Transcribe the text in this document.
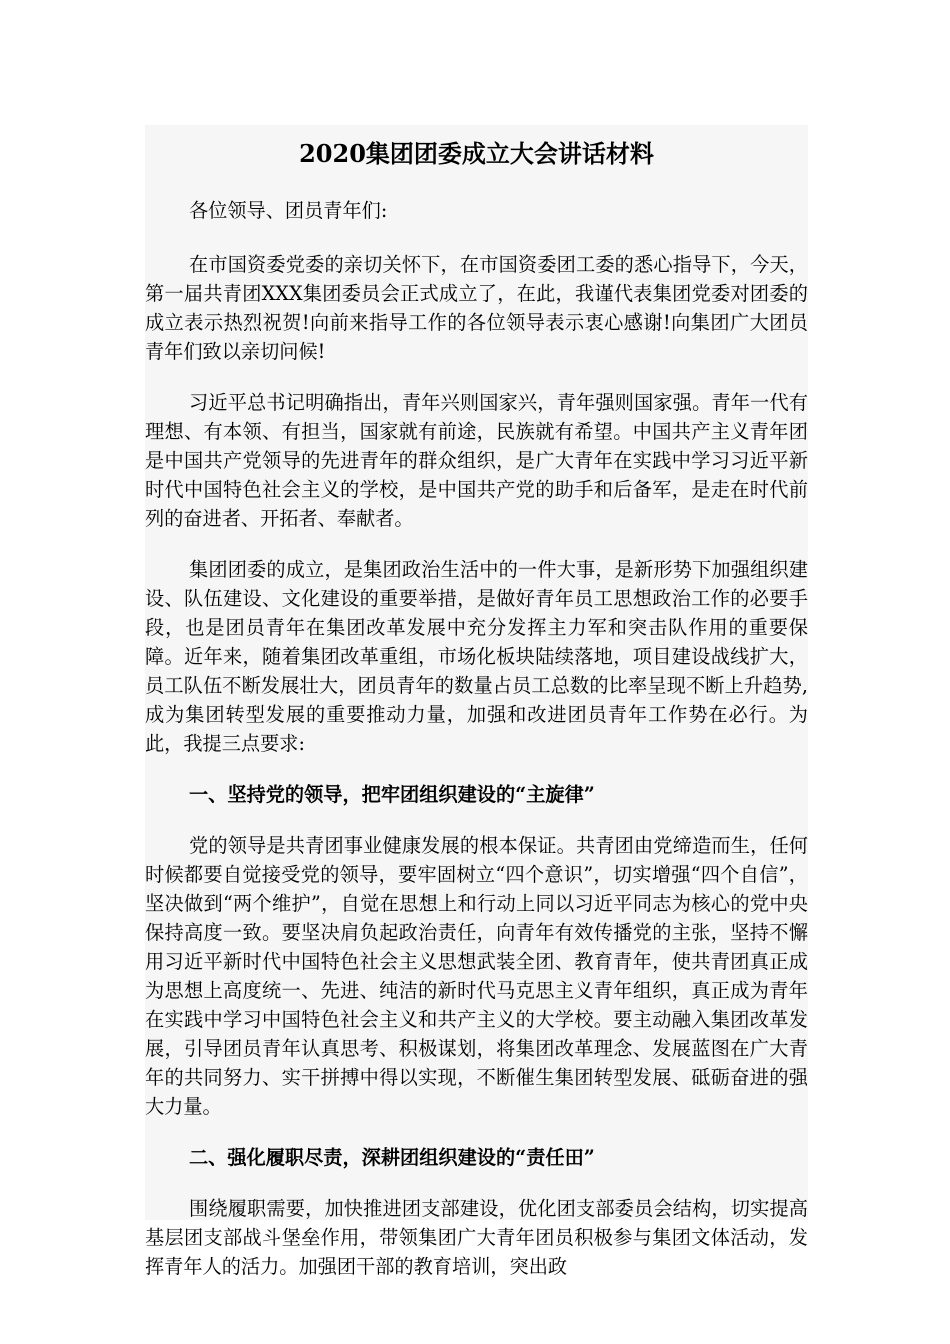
2020集团团委成立大会讲话材料

各位领导、团员青年们:

在市国资委党委的亲切关怀下，在市国资委团工委的悉心指导下，今天，第一届共青团XXX集团委员会正式成立了，在此，我谨代表集团党委对团委的成立表示热烈祝贺!向前来指导工作的各位领导表示衷心感谢!向集团广大团员青年们致以亲切问候!

习近平总书记明确指出，青年兴则国家兴，青年强则国家强。青年一代有理想、有本领、有担当，国家就有前途，民族就有希望。中国共产主义青年团是中国共产党领导的先进青年的群众组织，是广大青年在实践中学习习近平新时代中国特色社会主义的学校，是中国共产党的助手和后备军，是走在时代前列的奋进者、开拓者、奉献者。

集团团委的成立，是集团政治生活中的一件大事，是新形势下加强组织建设、队伍建设、文化建设的重要举措，是做好青年员工思想政治工作的必要手段，也是团员青年在集团改革发展中充分发挥主力军和突击队作用的重要保障。近年来，随着集团改革重组，市场化板块陆续落地，项目建设战线扩大，员工队伍不断发展壮大，团员青年的数量占员工总数的比率呈现不断上升趋势,成为集团转型发展的重要推动力量，加强和改进团员青年工作势在必行。为此，我提三点要求:

一、坚持党的领导，把牢团组织建设的“主旋律”

党的领导是共青团事业健康发展的根本保证。共青团由党缔造而生，任何时候都要自觉接受党的领导，要牢固树立“四个意识”，切实增强“四个自信”，坚决做到“两个维护”，自觉在思想上和行动上同以习近平同志为核心的党中央保持高度一致。要坚决肩负起政治责任，向青年有效传播党的主张，坚持不懈用习近平新时代中国特色社会主义思想武装全团、教育青年，使共青团真正成为思想上高度统一、先进、纯洁的新时代马克思主义青年组织，真正成为青年在实践中学习中国特色社会主义和共产主义的大学校。要主动融入集团改革发展，引导团员青年认真思考、积极谋划，将集团改革理念、发展蓝图在广大青年的共同努力、实干拼搏中得以实现，不断催生集团转型发展、砥砺奋进的强大力量。

二、强化履职尽责，深耕团组织建设的“责任田”

围绕履职需要，加快推进团支部建设，优化团支部委员会结构，切实提高基层团支部战斗堡垒作用，带领集团广大青年团员积极参与集团文体活动，发挥青年人的活力。加强团干部的教育培训，突出政
